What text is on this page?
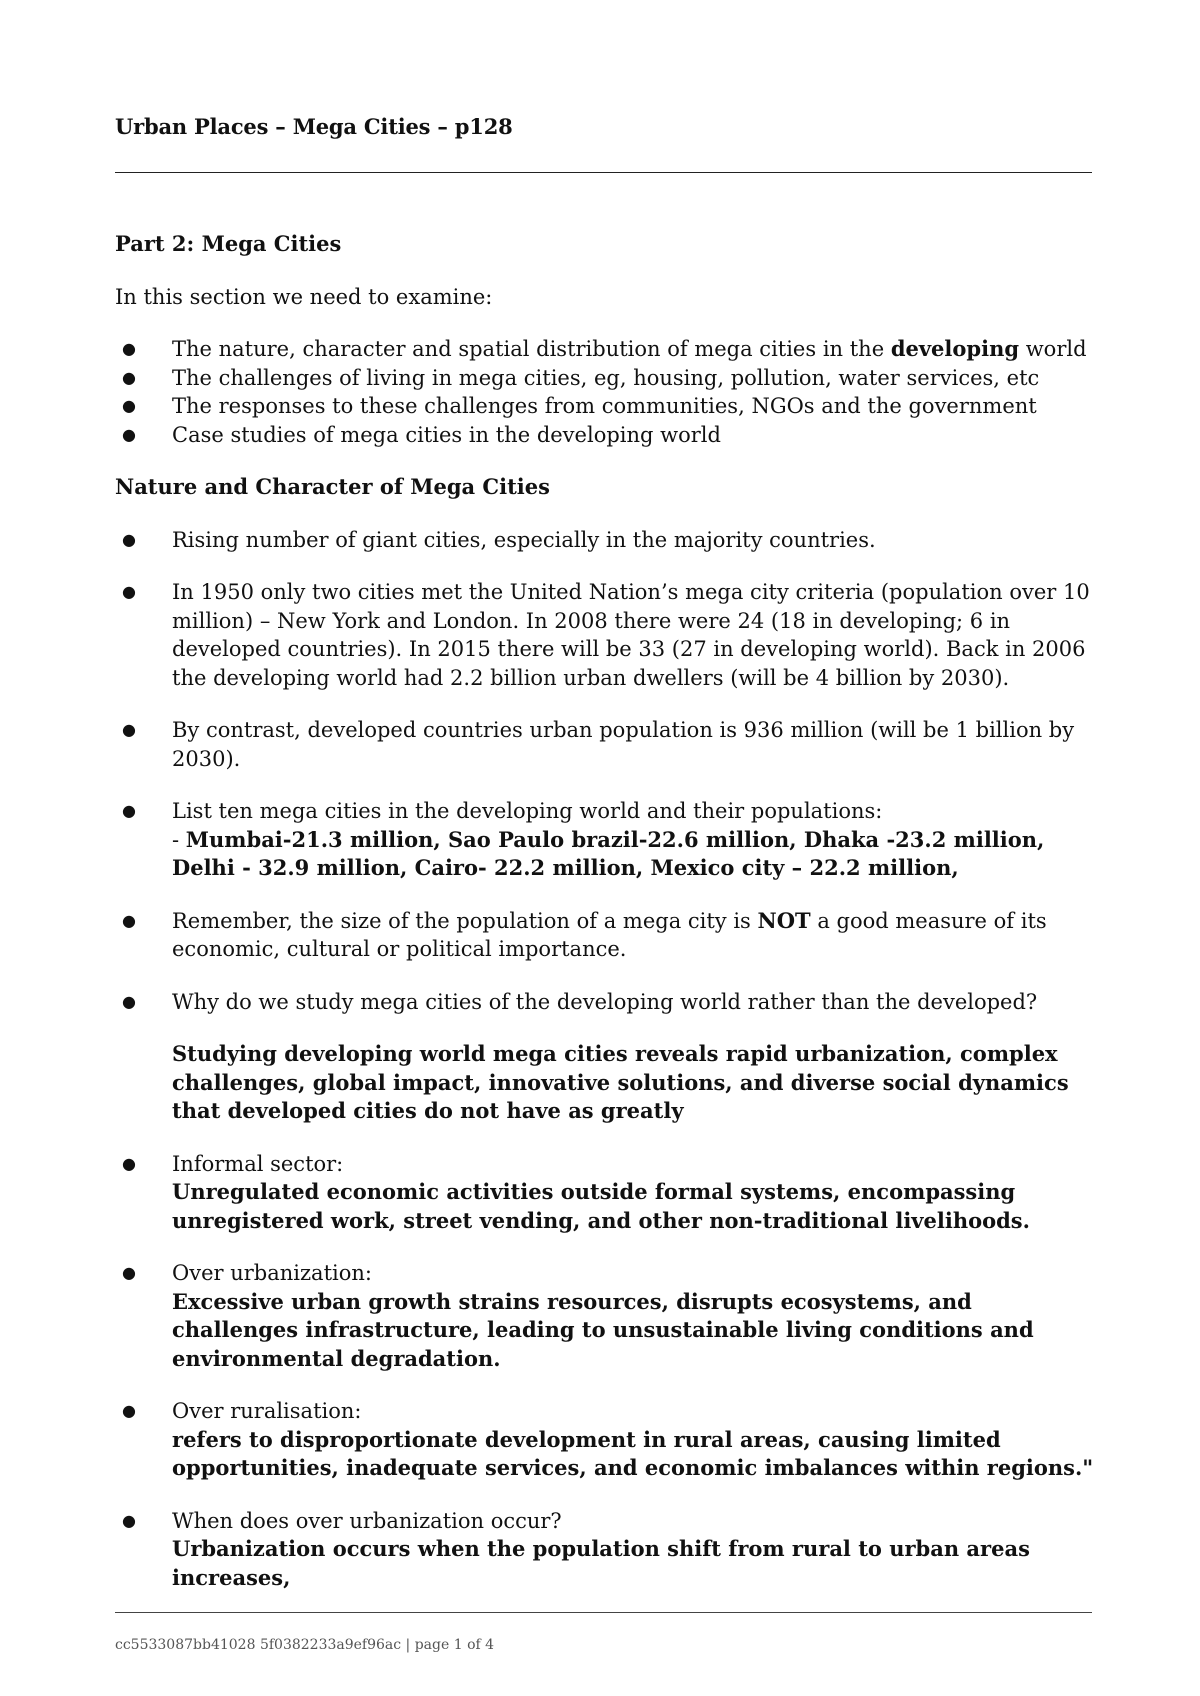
Urban Places – Mega Cities – p128

Part 2: Mega Cities

In this section we need to examine:

● The nature, character and spatial distribution of mega cities in the developing world
● The challenges of living in mega cities, eg, housing, pollution, water services, etc
● The responses to these challenges from communities, NGOs and the government
● Case studies of mega cities in the developing world

Nature and Character of Mega Cities

● Rising number of giant cities, especially in the majority countries.
● In 1950 only two cities met the United Nation’s mega city criteria (population over 10 million) – New York and London. In 2008 there were 24 (18 in developing; 6 in developed countries). In 2015 there will be 33 (27 in developing world). Back in 2006 the developing world had 2.2 billion urban dwellers (will be 4 billion by 2030).
● By contrast, developed countries urban population is 936 million (will be 1 billion by 2030).
● List ten mega cities in the developing world and their populations:
- Mumbai-21.3 million, Sao Paulo brazil-22.6 million, Dhaka -23.2 million, Delhi - 32.9 million, Cairo- 22.2 million, Mexico city – 22.2 million,
● Remember, the size of the population of a mega city is NOT a good measure of its economic, cultural or political importance.
● Why do we study mega cities of the developing world rather than the developed?
Studying developing world mega cities reveals rapid urbanization, complex challenges, global impact, innovative solutions, and diverse social dynamics that developed cities do not have as greatly
● Informal sector:
Unregulated economic activities outside formal systems, encompassing unregistered work, street vending, and other non-traditional livelihoods.
● Over urbanization:
Excessive urban growth strains resources, disrupts ecosystems, and challenges infrastructure, leading to unsustainable living conditions and environmental degradation.
● Over ruralisation:
refers to disproportionate development in rural areas, causing limited opportunities, inadequate services, and economic imbalances within regions."
● When does over urbanization occur?
Urbanization occurs when the population shift from rural to urban areas increases,
cc5533087bb41028 5f0382233a9ef96ac | page 1 of 4
